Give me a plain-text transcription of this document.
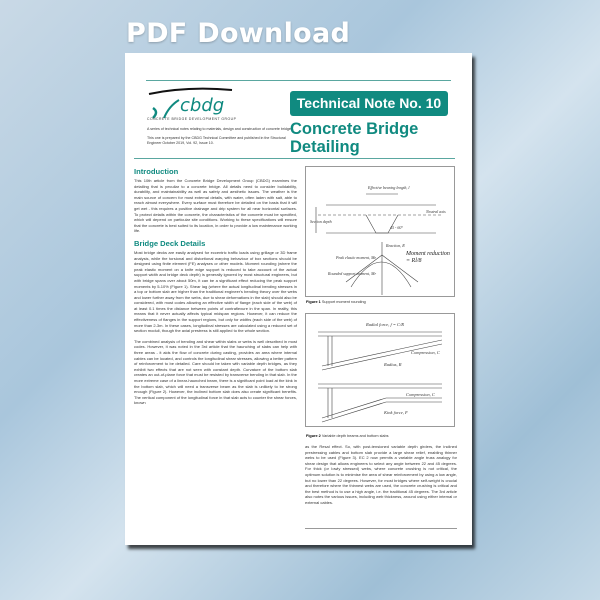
PDF Download
cbdg
CONCRETE BRIDGE DEVELOPMENT GROUP
A series of technical notes relating to materials, design and construction of concrete bridges.
This one is prepared by the CBDG Technical Committee and published in the Structural Engineer October 2019, Vol. 92, Issue 10.
Technical Note No. 10
Concrete Bridge
Detailing
Introduction

This 10th article from the Concrete Bridge Development Group (CBDG) examines the detailing that is peculiar to a concrete bridge. All details need to consider buildability, durability, and maintainability as well as safety and aesthetic issues. The weather is the main source of concern for most external details, with water, often laden with salt, able to reach almost everywhere. Every surface must therefore be detailed on the basis that it will get wet - this requires a positive drainage and drip system for all near horizontal surfaces. To protect details within the concrete, the characteristics of the concrete must be specified, which will depend on particular site conditions. Working to these specifications will ensure that the concrete is best suited to its location, in order to provide a low maintenance working life.

Bridge Deck Details

Most bridge decks are easily analysed for eccentric traffic loads using grillage or 3D frame analysis, while the torsional and distortional warping behaviour of box sections should be designed using finite element (FE) analyses or other models. Moment rounding (where the peak elastic moment on a knife edge support is reduced to take account of the actual support width and bridge deck depth) is generally ignored by most structural engineers, but with bridge spans over about 50m, it can be a significant effect reducing the peak support moments by 5-10% (Figure 1). Shear lag (where the actual longitudinal bending stresses in a top or bottom slab are higher than the traditional engineer's bending theory over the webs and lower further away from the webs, due to shear deformations in the slab) should also be considered, with most codes allowing an effective width of flange (each side of the web) of at least 0.1 times the distance between points of contraflexure in the span. In reality, this means that it never actually affects typical midspan regions. However, it can reduce the effectiveness of flanges in the support regions, but only for widths (each side of the web) of more than 2-3m. In these cases, longitudinal stresses are calculated using a reduced set of section moduli, though the axial prestress is still applied to the whole section.

The combined analysis of bending and shear within slabs or webs is well described in most codes. However, it was noted in the 3rd article that the haunching of slabs can help with three areas - it aids the flow of concrete during casting, provides an area where internal cables can be located, and controls the longitudinal shear stresses, allowing a better pattern of reinforcement to be detailed. Care should be taken with variable depth bridges, as they exhibit two effects that are not seen with constant depth. Curvature of the bottom slab creates an out-of-plane force that must be resisted by transverse bending in that slab. In the more extreme case of a linear-haunched beam, there is a significant point load at the kink in the bottom slab, which will need a transverse beam as the slab is unlikely to be strong enough (Figure 2). However, the inclined bottom slab does also create significant benefits. The vertical component of the longitudinal force in that slab acts to counter the shear forces, known

Effective bearing length, l
Section depth
Neutral axis
45 - 60°
Reaction, R
Peak elastic moment, Me
Rounded support moment, Mr
Moment reduction = Rl/8
Figure 1 Support moment rounding
Radial force, f = C/R
Compression, C
Radius, R
Compression, C
Kink force, F
Figure 2 Variable depth beams and bottom slabs
as the Resal effect. So, with post-tensioned variable depth girders, the inclined prestressing cables and bottom slab provide a large shear relief, enabling thinner webs to be used (Figure 3). EC 2 now permits a variable angle truss analogy for shear design that allows engineers to select any angle between 22 and 45 degrees. For thick (or lowly stressed) webs, where concrete crushing is not critical, the optimum solution is to minimise the area of shear reinforcement by using a low angle, but no lower than 22 degrees. However, for most bridges where self-weight is crucial and therefore where the thinnest webs are used, the concrete crushing is critical and the best method is to use a high angle, i.e. the traditional 45 degrees. The 3rd article also notes the various issues, including web thickness, around using either internal or external cables.
